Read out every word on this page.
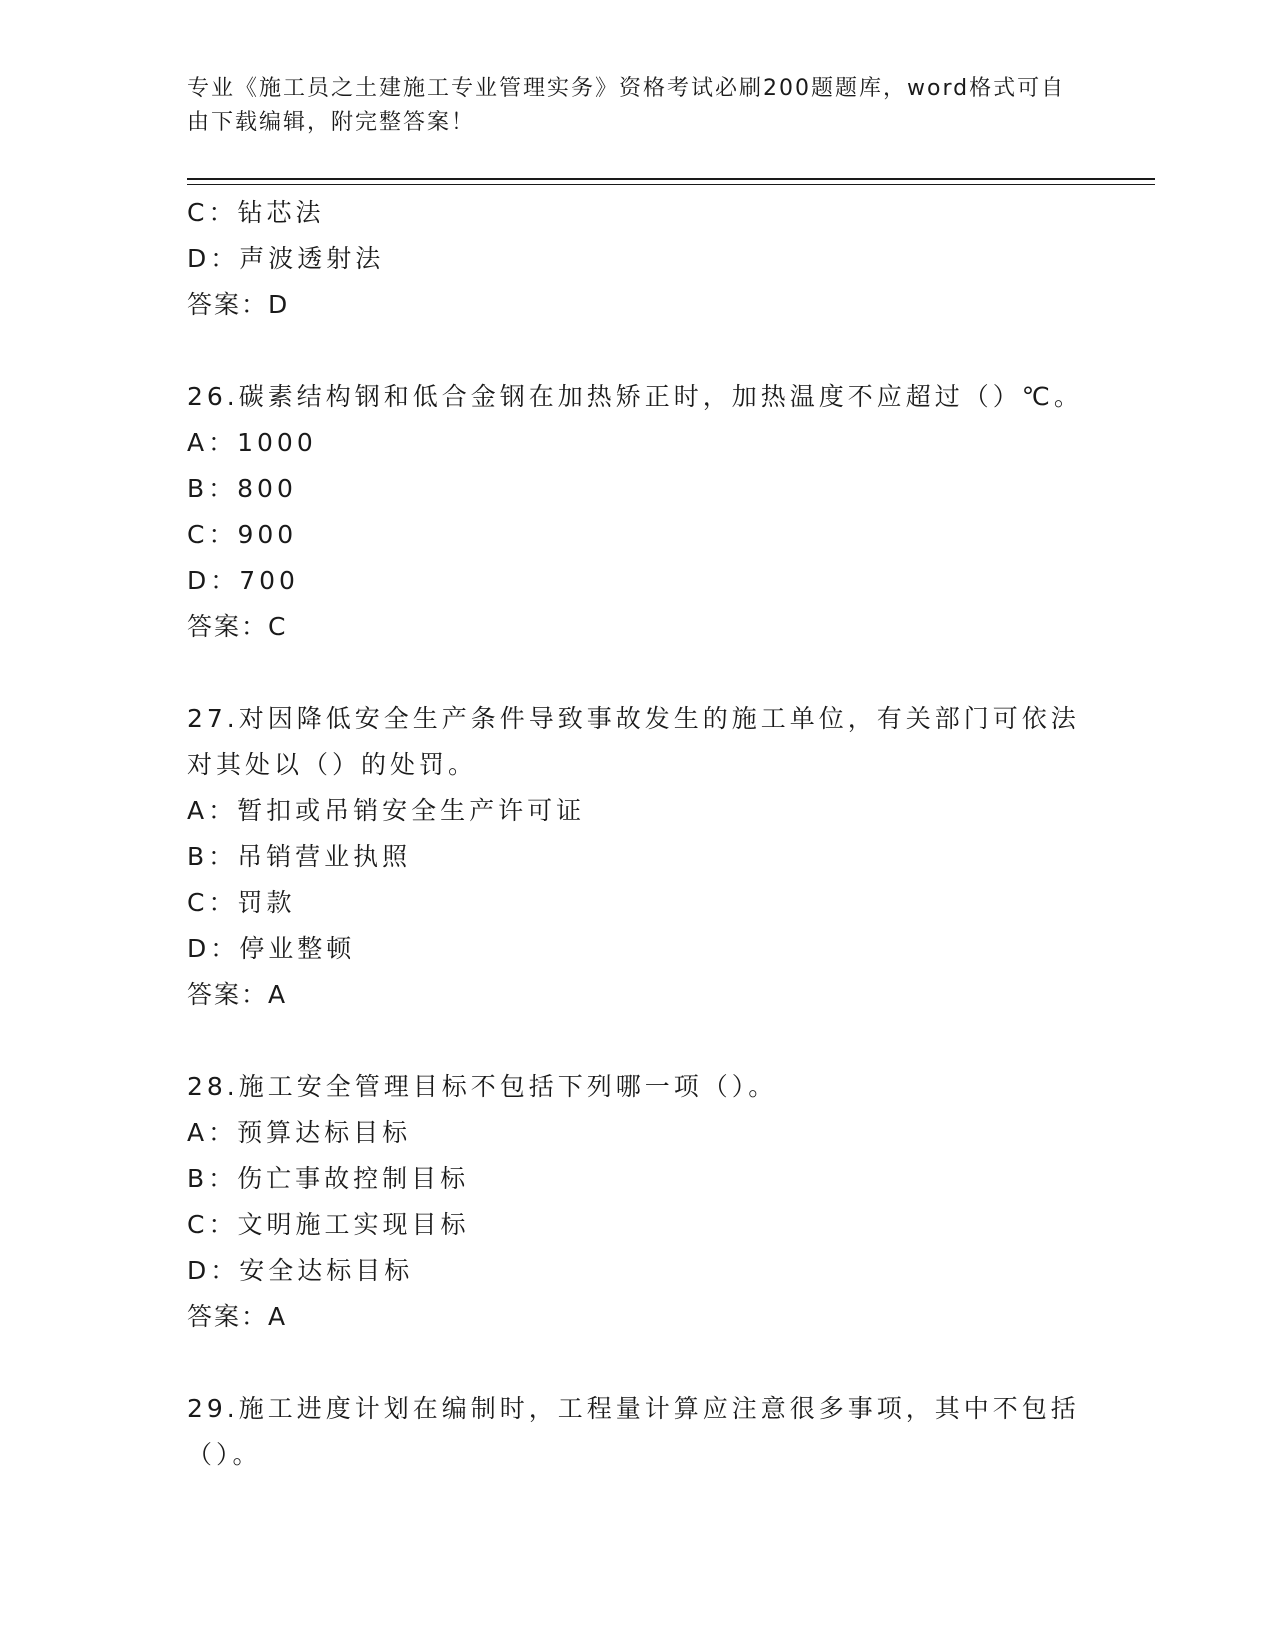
专业《施工员之土建施工专业管理实务》资格考试必刷200题题库，word格式可自由下载编辑，附完整答案！
C：钻芯法
D：声波透射法
答案：D
26.碳素结构钢和低合金钢在加热矫正时，加热温度不应超过（）℃。
A：1000
B：800
C：900
D：700
答案：C
27.对因降低安全生产条件导致事故发生的施工单位，有关部门可依法对其处以（）的处罚。
A：暂扣或吊销安全生产许可证
B：吊销营业执照
C：罚款
D：停业整顿
答案：A
28.施工安全管理目标不包括下列哪一项（）。
A：预算达标目标
B：伤亡事故控制目标
C：文明施工实现目标
D：安全达标目标
答案：A
29.施工进度计划在编制时，工程量计算应注意很多事项，其中不包括（）。
